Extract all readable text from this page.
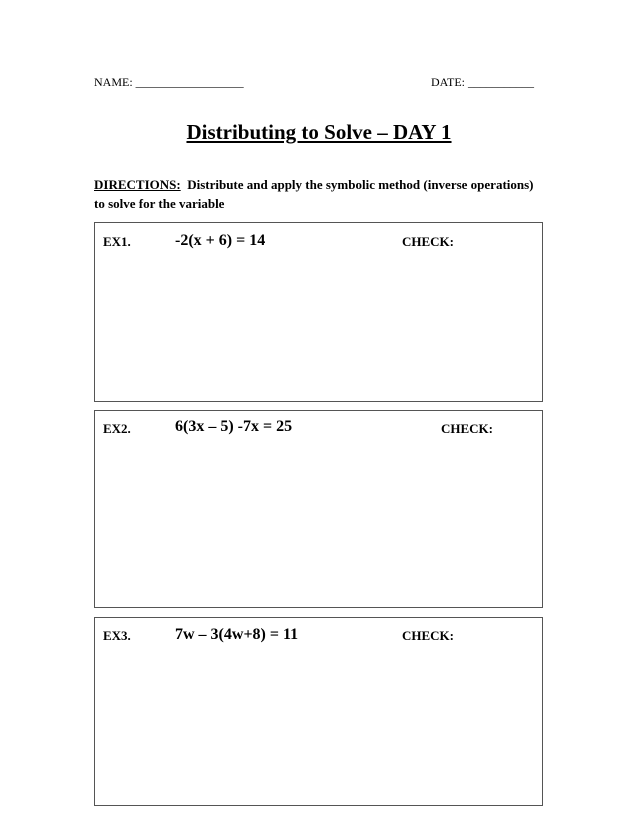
NAME: __________________	DATE: ___________
Distributing to Solve – DAY 1
DIRECTIONS: Distribute and apply the symbolic method (inverse operations) to solve for the variable
EX1.	-2(x + 6) = 14	CHECK:
EX2.	6(3x – 5) -7x = 25	CHECK:
EX3.	7w – 3(4w+8) = 11	CHECK:
